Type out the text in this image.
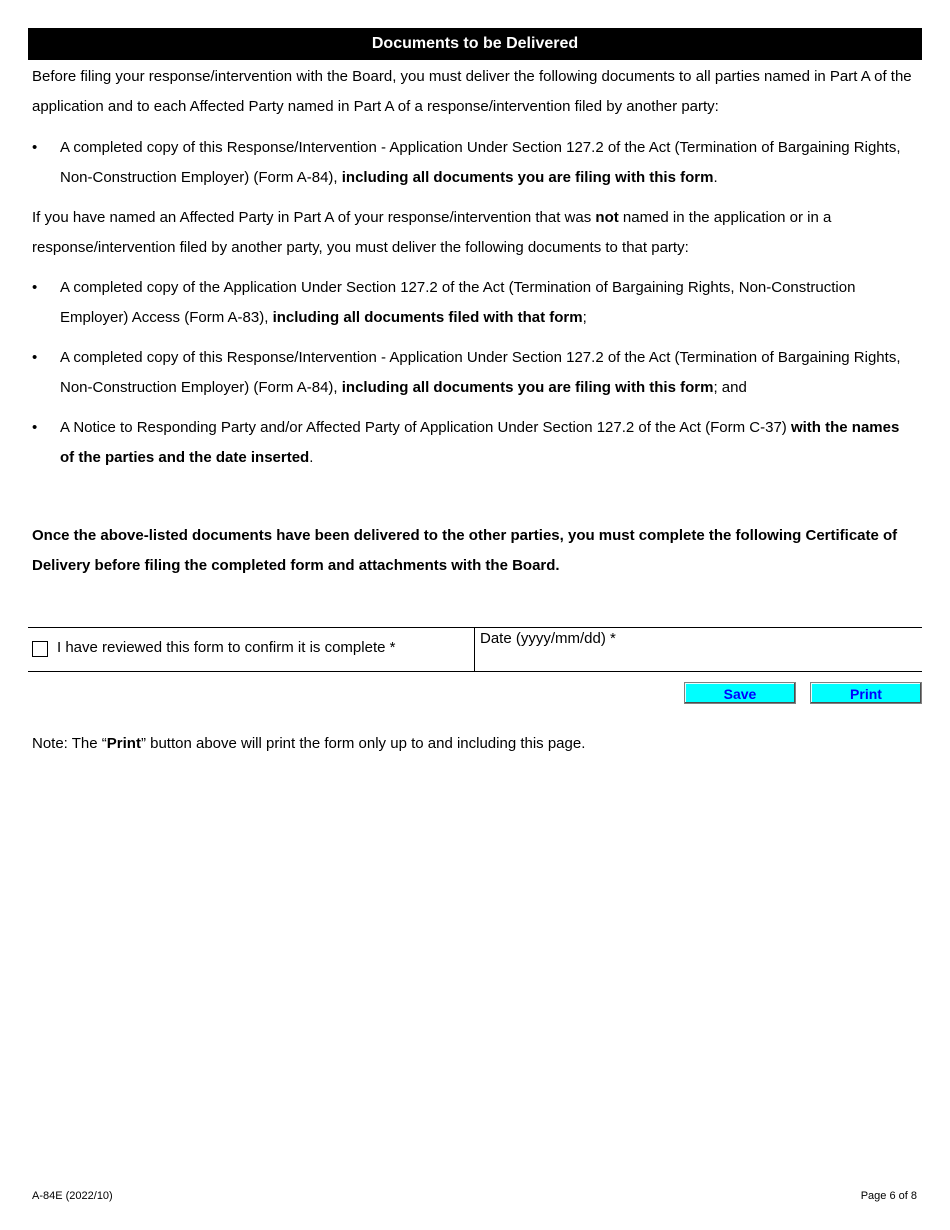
Documents to be Delivered

Before filing your response/intervention with the Board, you must deliver the following documents to all parties named in Part A of the application and to each Affected Party named in Part A of a response/intervention filed by another party:

• A completed copy of this Response/Intervention - Application Under Section 127.2 of the Act (Termination of Bargaining Rights, Non-Construction Employer) (Form A-84), including all documents you are filing with this form.

If you have named an Affected Party in Part A of your response/intervention that was not named in the application or in a response/intervention filed by another party, you must deliver the following documents to that party:

• A completed copy of the Application Under Section 127.2 of the Act (Termination of Bargaining Rights, Non-Construction Employer) Access (Form A-83), including all documents filed with that form;
• A completed copy of this Response/Intervention - Application Under Section 127.2 of the Act (Termination of Bargaining Rights, Non-Construction Employer) (Form A-84), including all documents you are filing with this form; and
• A Notice to Responding Party and/or Affected Party of Application Under Section 127.2 of the Act (Form C-37) with the names of the parties and the date inserted.

Once the above-listed documents have been delivered to the other parties, you must complete the following Certificate of Delivery before filing the completed form and attachments with the Board.

I have reviewed this form to confirm it is complete *
Date (yyyy/mm/dd) *
Save	Print
Note: The “Print” button above will print the form only up to and including this page.
A-84E (2022/10)	Page 6 of 8
